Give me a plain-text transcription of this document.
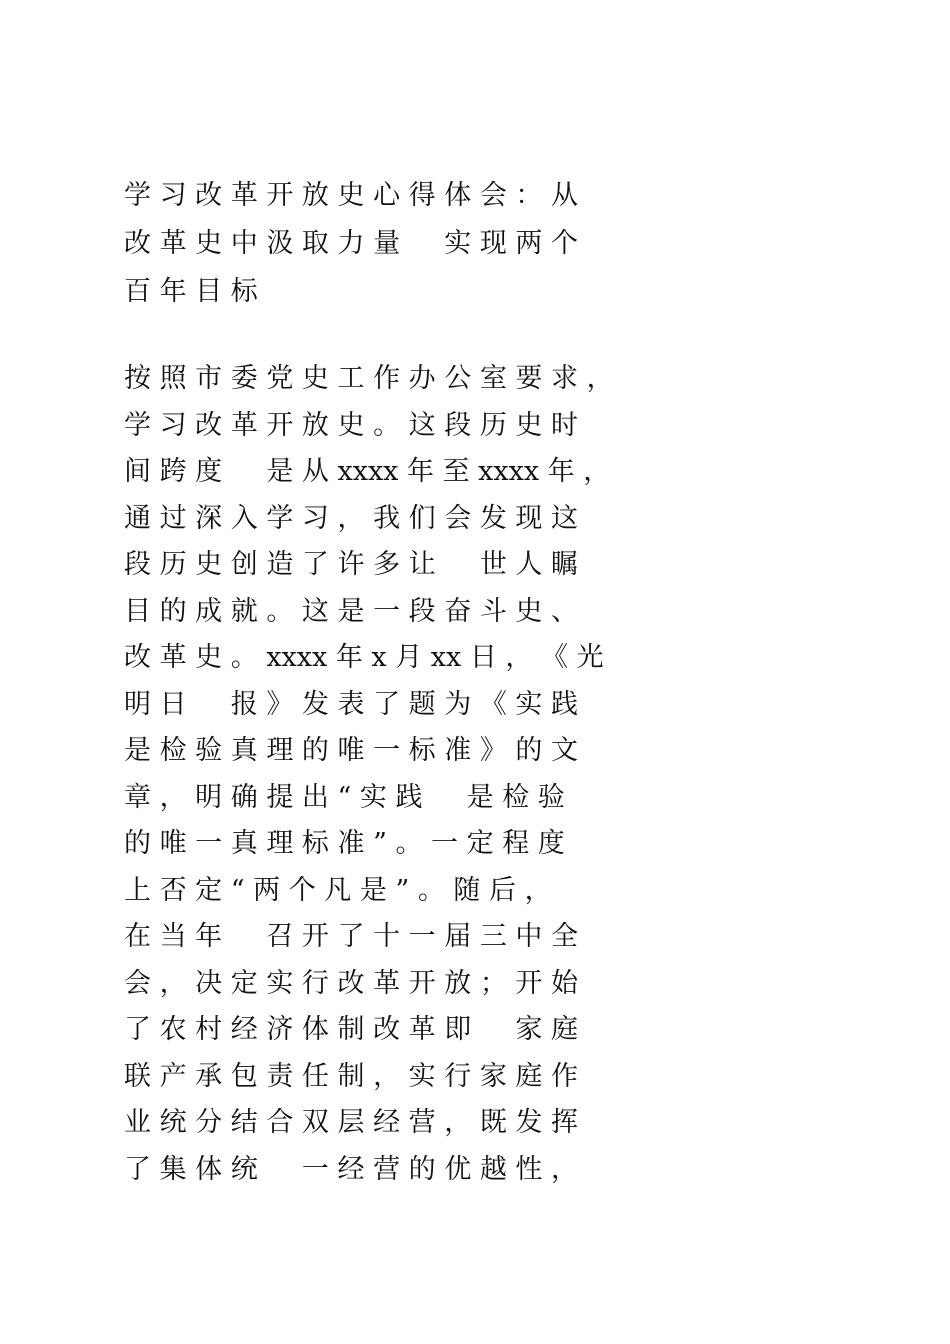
学 习 改 革 开 放 史 心 得 体 会 ： 从
改 革 史 中 汲 取 力 量 　 实 现 两 个
百 年 目 标
按 照 市 委 党 史 工 作 办 公 室 要 求 ，
学 习 改 革 开 放 史 。 这 段 历 史 时
间 跨 度 　 是 从 xxxx 年 至 xxxx 年 ，
通 过 深 入 学 习 ， 我 们 会 发 现 这
段 历 史 创 造 了 许 多 让 　 世 人 瞩
目 的 成 就 。 这 是 一 段 奋 斗 史 、
改 革 史 。 xxxx 年 x 月 xx 日 ， 《 光
明 日 　 报 》 发 表 了 题 为 《 实 践
是 检 验 真 理 的 唯 一 标 准 》 的 文
章 ， 明 确 提 出 “ 实 践 　 是 检 验
的 唯 一 真 理 标 准 ” 。 一 定 程 度
上 否 定 “ 两 个 凡 是 ” 。 随 后 ，
在 当 年 　 召 开 了 十 一 届 三 中 全
会 ， 决 定 实 行 改 革 开 放 ； 开 始
了 农 村 经 济 体 制 改 革 即 　 家 庭
联 产 承 包 责 任 制 ， 实 行 家 庭 作
业 统 分 结 合 双 层 经 营 ， 既 发 挥
了 集 体 统 　 一 经 营 的 优 越 性 ，
